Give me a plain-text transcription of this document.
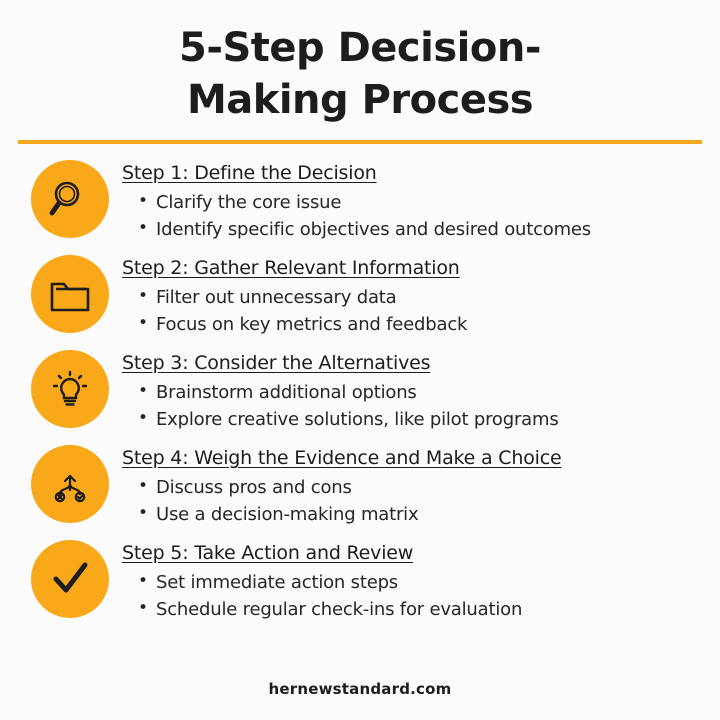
5-Step Decision-
Making Process
Step 1: Define the Decision
• Clarify the core issue
• Identify specific objectives and desired outcomes
Step 2: Gather Relevant Information
• Filter out unnecessary data
• Focus on key metrics and feedback
Step 3: Consider the Alternatives
• Brainstorm additional options
• Explore creative solutions, like pilot programs
Step 4: Weigh the Evidence and Make a Choice
• Discuss pros and cons
• Use a decision-making matrix
Step 5: Take Action and Review
• Set immediate action steps
• Schedule regular check-ins for evaluation
hernewstandard.com
